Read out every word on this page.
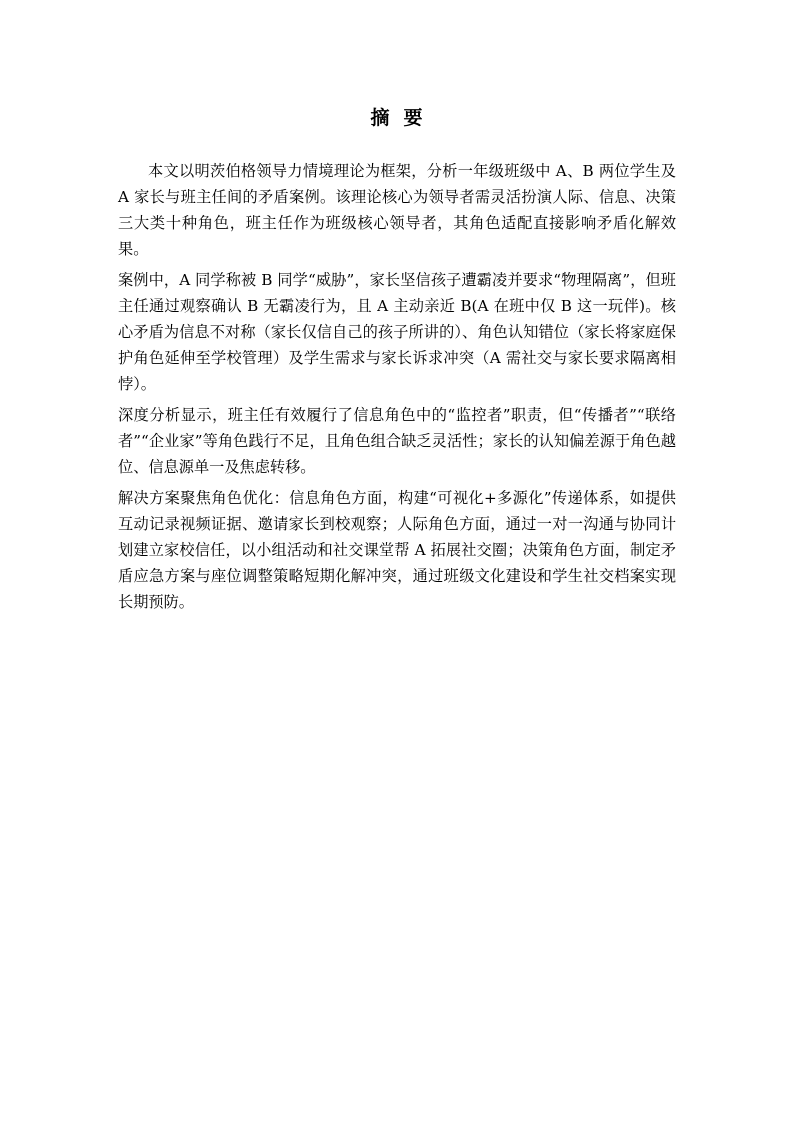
摘要

本文以明茨伯格领导力情境理论为框架，分析一年级班级中 A、B 两位学生及 A 家长与班主任间的矛盾案例。该理论核心为领导者需灵活扮演人际、信息、决策三大类十种角色，班主任作为班级核心领导者，其角色适配直接影响矛盾化解效果。

案例中，A 同学称被 B 同学“威胁”，家长坚信孩子遭霸凌并要求“物理隔离”，但班主任通过观察确认 B 无霸凌行为，且 A 主动亲近 B(A 在班中仅 B 这一玩伴)。核心矛盾为信息不对称（家长仅信自己的孩子所讲的）、角色认知错位（家长将家庭保护角色延伸至学校管理）及学生需求与家长诉求冲突（A 需社交与家长要求隔离相悖）。

深度分析显示，班主任有效履行了信息角色中的“监控者”职责，但“传播者”“联络者”“企业家”等角色践行不足，且角色组合缺乏灵活性；家长的认知偏差源于角色越位、信息源单一及焦虑转移。

解决方案聚焦角色优化：信息角色方面，构建“可视化+多源化”传递体系，如提供互动记录视频证据、邀请家长到校观察；人际角色方面，通过一对一沟通与协同计划建立家校信任，以小组活动和社交课堂帮 A 拓展社交圈；决策角色方面，制定矛盾应急方案与座位调整策略短期化解冲突，通过班级文化建设和学生社交档案实现长期预防。
